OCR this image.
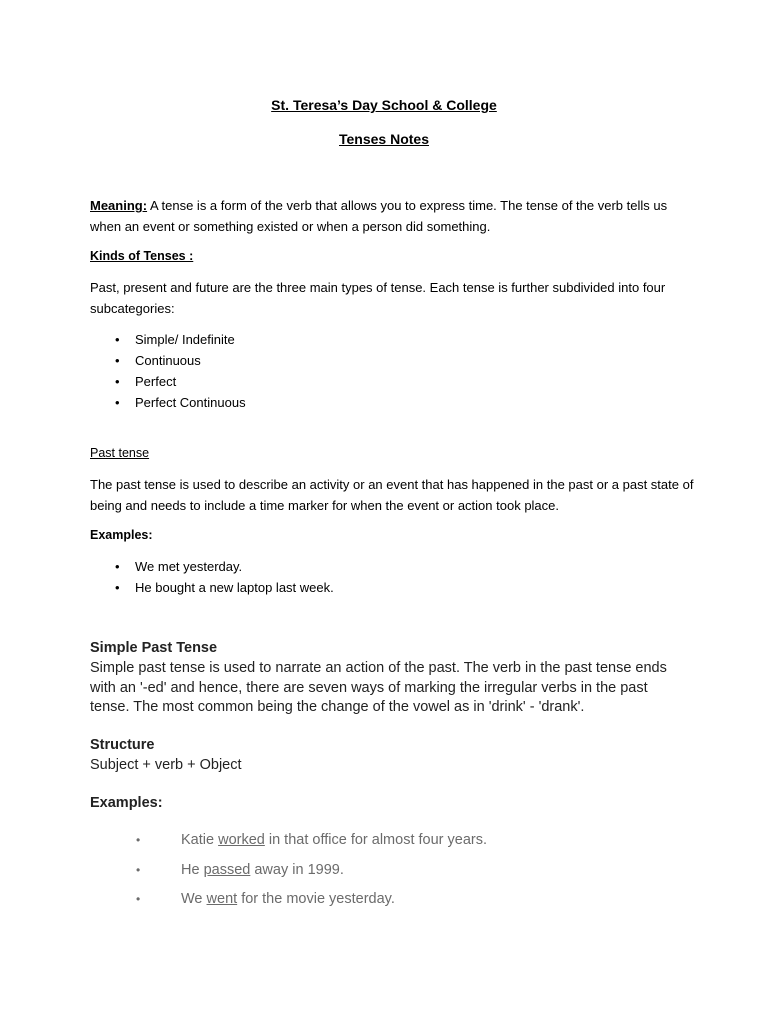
St. Teresa’s Day School & College
Tenses Notes
Meaning: A tense is a form of the verb that allows you to express time. The tense of the verb tells us when an event or something existed or when a person did something.
Kinds of Tenses :
Past, present and future are the three main types of tense. Each tense is further subdivided into four subcategories:
• Simple/ Indefinite
• Continuous
• Perfect
• Perfect Continuous
Past tense
The past tense is used to describe an activity or an event that has happened in the past or a past state of being and needs to include a time marker for when the event or action took place.
Examples:
• We met yesterday.
• He bought a new laptop last week.
Simple Past Tense
Simple past tense is used to narrate an action of the past. The verb in the past tense ends with an '-ed' and hence, there are seven ways of marking the irregular verbs in the past tense. The most common being the change of the vowel as in 'drink' - 'drank'.
Structure
Subject + verb + Object
Examples:
•	Katie worked in that office for almost four years.
•	He passed away in 1999.
•	We went for the movie yesterday.
